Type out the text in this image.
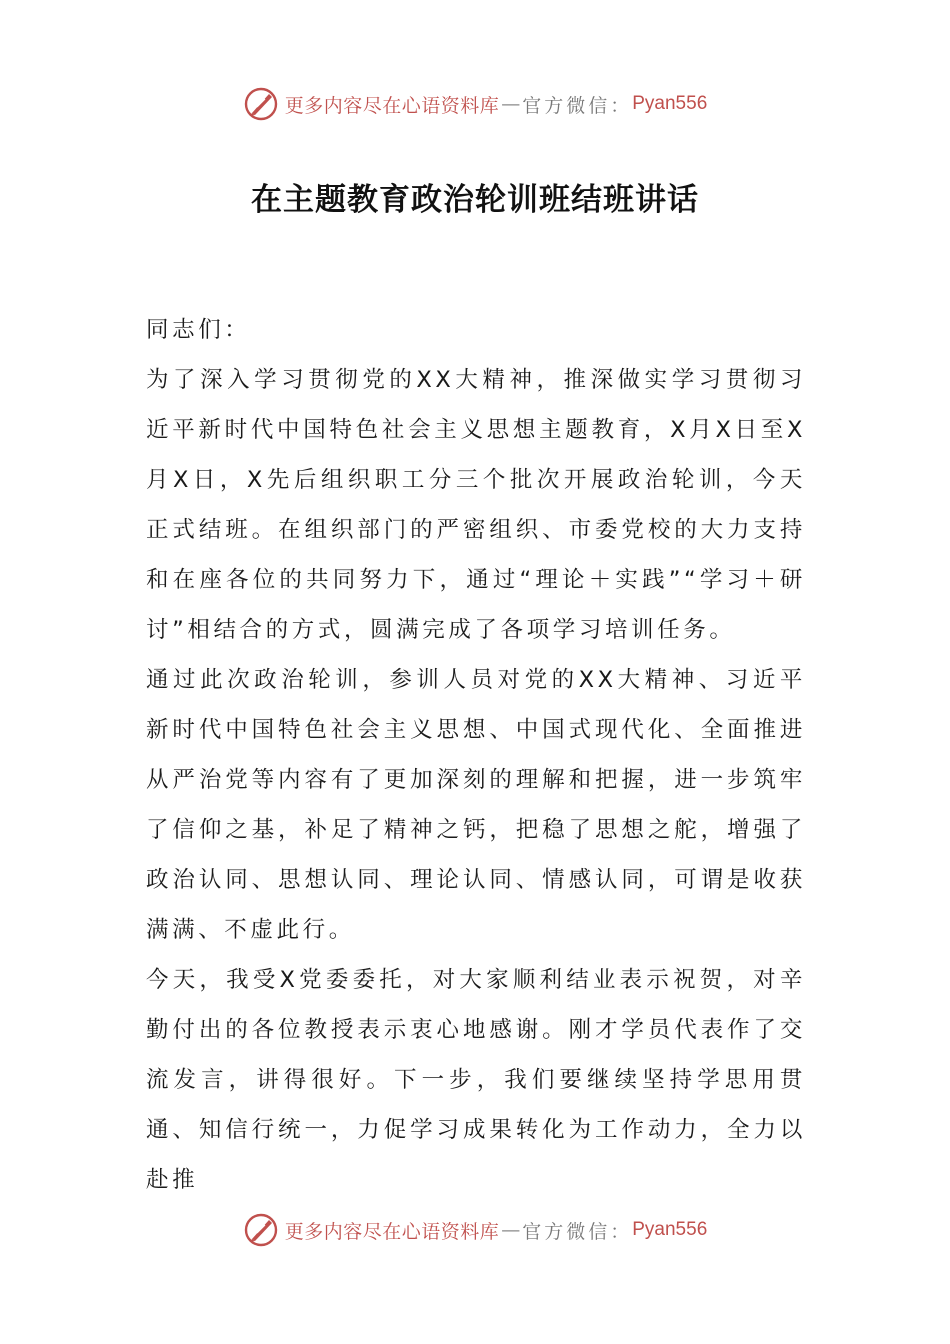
更多内容尽在心语资料库 — 官方微信： Pyan556
在主题教育政治轮训班结班讲话

同志们：

为了深入学习贯彻党的XX大精神，推深做实学习贯彻习近平新时代中国特色社会主义思想主题教育，X月X日至X月X日，X先后组织职工分三个批次开展政治轮训，今天正式结班。在组织部门的严密组织、市委党校的大力支持和在座各位的共同努力下，通过“理论＋实践”“学习＋研讨”相结合的方式，圆满完成了各项学习培训任务。

通过此次政治轮训，参训人员对党的XX大精神、习近平新时代中国特色社会主义思想、中国式现代化、全面推进从严治党等内容有了更加深刻的理解和把握，进一步筑牢了信仰之基，补足了精神之钙，把稳了思想之舵，增强了政治认同、思想认同、理论认同、情感认同，可谓是收获满满、不虚此行。

今天，我受X党委委托，对大家顺利结业表示祝贺，对辛勤付出的各位教授表示衷心地感谢。刚才学员代表作了交流发言，讲得很好。下一步，我们要继续坚持学思用贯通、知信行统一，力促学习成果转化为工作动力，全力以赴推

更多内容尽在心语资料库 — 官方微信： Pyan556
